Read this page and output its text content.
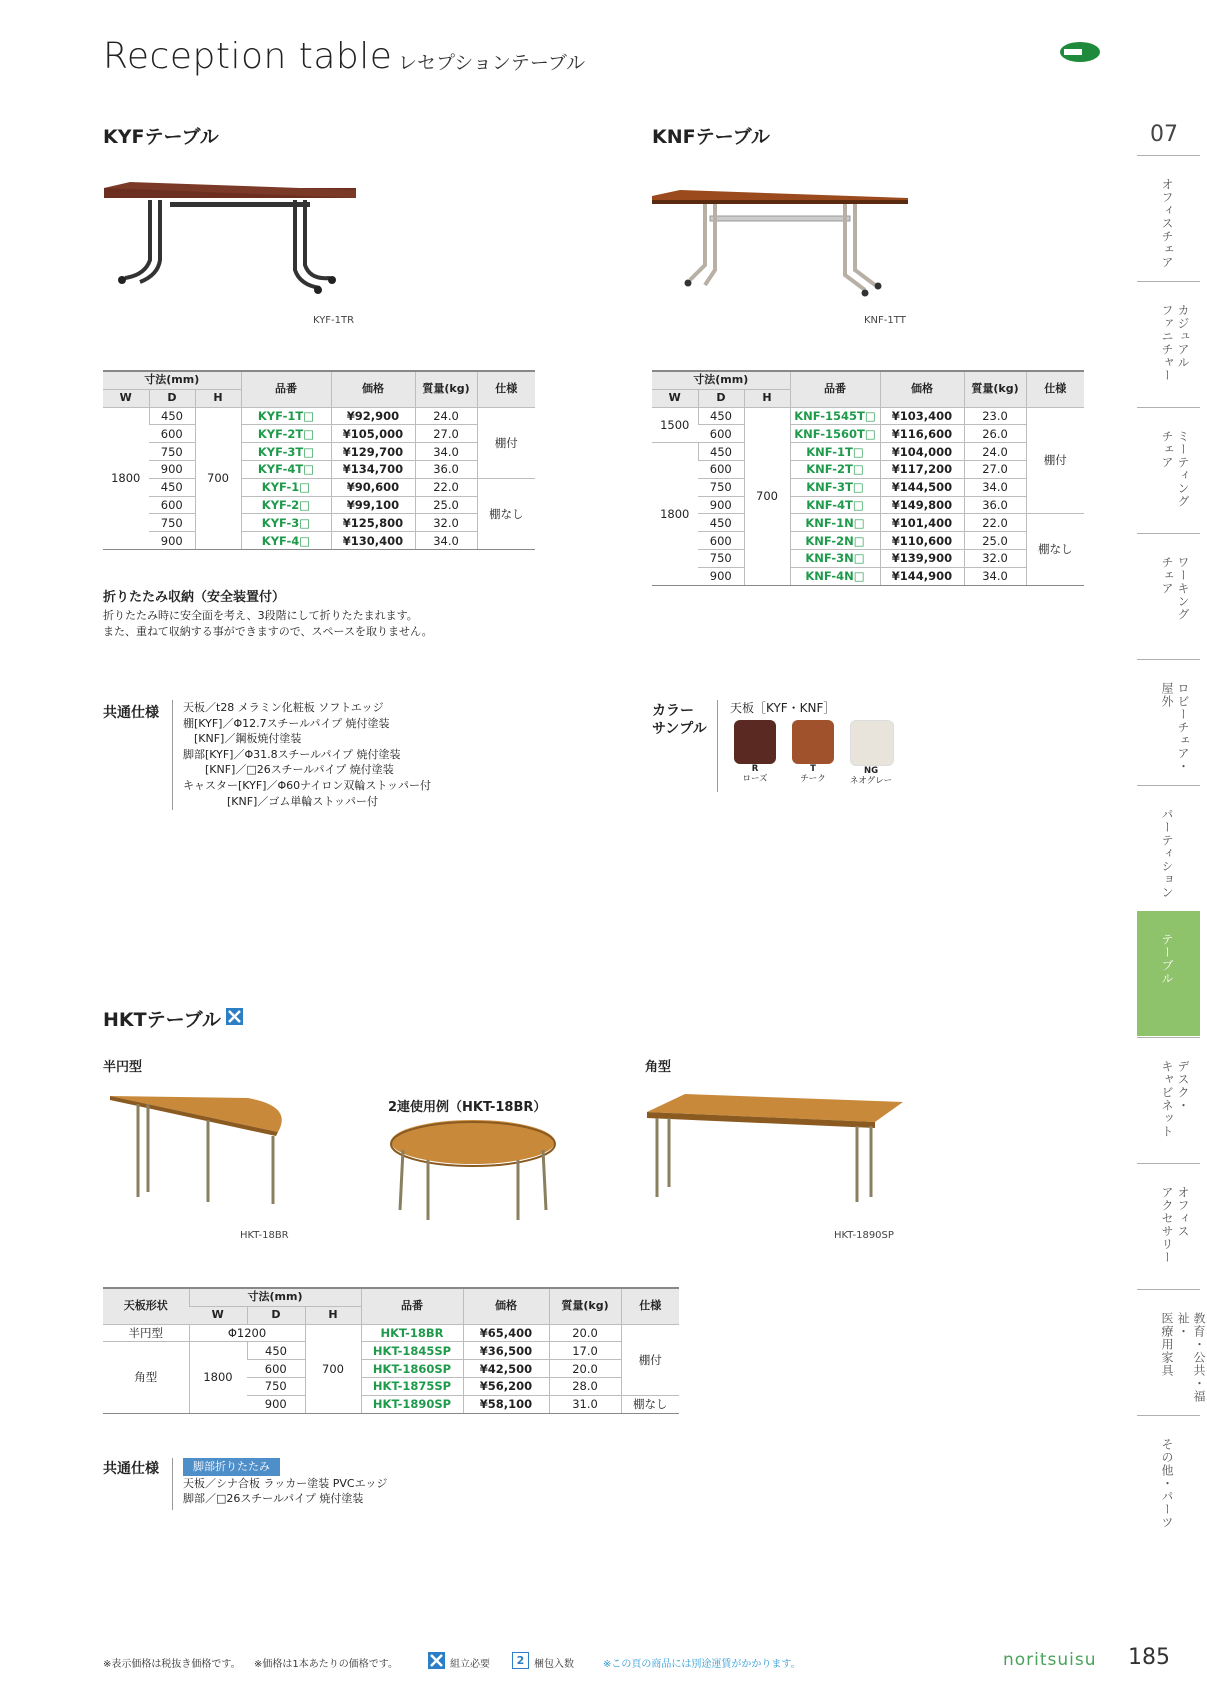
Reception table レセプションテーブル
KYFテーブル
KYF-1TR
寸法(mm)			品番	価格	質量(kg)	仕様
W	D	H				
1800	450	700	KYF-1T□	¥92,900	24.0	棚付
	600		KYF-2T□	¥105,000	27.0	
	750		KYF-3T□	¥129,700	34.0	
	900		KYF-4T□	¥134,700	36.0	
	450		KYF-1□	¥90,600	22.0	棚なし
	600		KYF-2□	¥99,100	25.0	
	750		KYF-3□	¥125,800	32.0	
	900		KYF-4□	¥130,400	34.0	
折りたたみ収納（安全装置付）
折りたたみ時に安全面を考え、3段階にして折りたたまれます。
また、重ねて収納する事ができますので、スペースを取りません。
KNFテーブル
KNF-1TT
寸法(mm)			品番	価格	質量(kg)	仕様
W	D	H				
1500	450	700	KNF-1545T□	¥103,400	23.0	棚付
	600		KNF-1560T□	¥116,600	26.0	
1800	450		KNF-1T□	¥104,000	24.0	
	600		KNF-2T□	¥117,200	27.0	
	750		KNF-3T□	¥144,500	34.0	
	900		KNF-4T□	¥149,800	36.0	
	450		KNF-1N□	¥101,400	22.0	棚なし
	600		KNF-2N□	¥110,600	25.0	
	750		KNF-3N□	¥139,900	32.0	
	900		KNF-4N□	¥144,900	34.0	
共通仕様 天板／t28 メラミン化粧板 ソフトエッジ
棚[KYF]／Φ12.7スチールパイプ 焼付塗装
　[KNF]／鋼板焼付塗装
脚部[KYF]／Φ31.8スチールパイプ 焼付塗装
　　[KNF]／□26スチールパイプ 焼付塗装
キャスター[KYF]／Φ60ナイロン双輪ストッパー付
　　　　[KNF]／ゴム単輪ストッパー付
カラー
サンプル
天板［KYF・KNF］
R
ローズ
T
チーク
NG
ネオグレー
HKTテーブル
半円型
2連使用例（HKT-18BR）
角型
HKT-18BR	HKT-1890SP
天板形状	寸法(mm)			品番	価格	質量(kg)	仕様
	W	D	H				
半円型	Φ1200		700	HKT-18BR	¥65,400	20.0	棚付
角型	1800	450		HKT-1845SP	¥36,500	17.0	
		600		HKT-1860SP	¥42,500	20.0	
		750		HKT-1875SP	¥56,200	28.0	
		900		HKT-1890SP	¥58,100	31.0	棚なし
共通仕様	脚部折りたたみ
天板／シナ合板 ラッカー塗装 PVCエッジ
脚部／□26スチールパイプ 焼付塗装
07
オフィスチェア
カジュアル
ファニチャー
ミーティング
チェア
ワーキング
チェア
ロビーチェア・
屋外
パーティション
テーブル
デスク・
キャビネット
オフィス
アクセサリー
教育・公共・福祉・
医療用家具
その他・パーツ
※表示価格は税抜き価格です。 ※価格は1本あたりの価格です。	組立必要	2 梱包入数	※この頁の商品には別途運賃がかかります。	noritsuisu 185
